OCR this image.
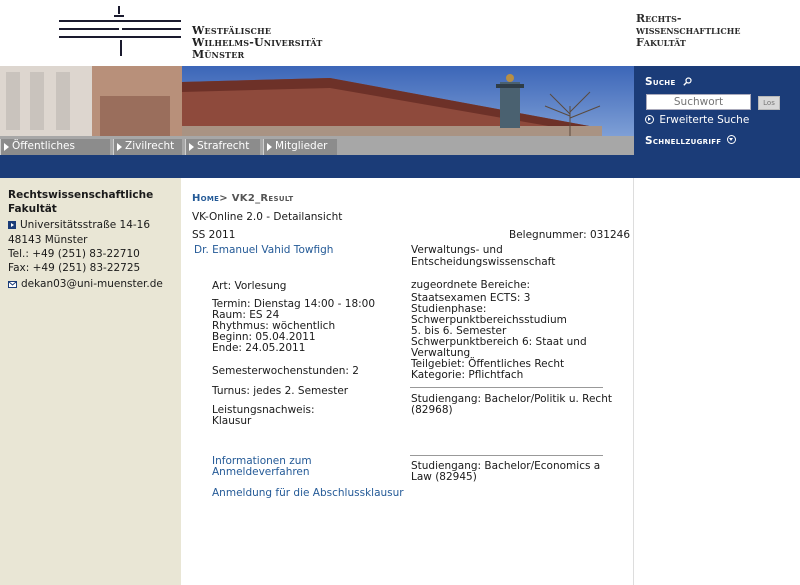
Westfälische
Wilhelms-Universität
Münster
Rechts-
wissenschaftliche
Fakultät
Öffentliches	Zivilrecht	Strafrecht	Mitglieder
Suche
Suchwort
Los
Erweiterte Suche
Schnellzugriff
Rechtswissenschaftliche Fakultät
Universitätsstraße 14-16
48143 Münster
Tel.: +49 (251) 83-22710
Fax: +49 (251) 83-22725
dekan03@uni-muenster.de
Home> VK2_Result
VK-Online 2.0 - Detailansicht
SS 2011	Belegnummer: 031246
Dr. Emanuel Vahid Towfigh	Verwaltungs- und
Entscheidungswissenschaft
Art: Vorlesung
Termin: Dienstag 14:00 - 18:00
Raum: ES 24
Rhythmus: wöchentlich
Beginn: 05.04.2011
Ende: 24.05.2011
Semesterwochenstunden: 2
Turnus: jedes 2. Semester
Leistungsnachweis:
Klausur
Informationen zum
Anmeldeverfahren
Anmeldung für die Abschlussklausur
zugeordnete Bereiche:
Staatsexamen ECTS: 3
Studienphase:
Schwerpunktbereichsstudium
5. bis 6. Semester
Schwerpunktbereich 6: Staat und
Verwaltung
Teilgebiet: Öffentliches Recht
Kategorie: Pflichtfach
Studiengang: Bachelor/Politik u. Recht
(82968)
Studiengang: Bachelor/Economics a
Law (82945)
